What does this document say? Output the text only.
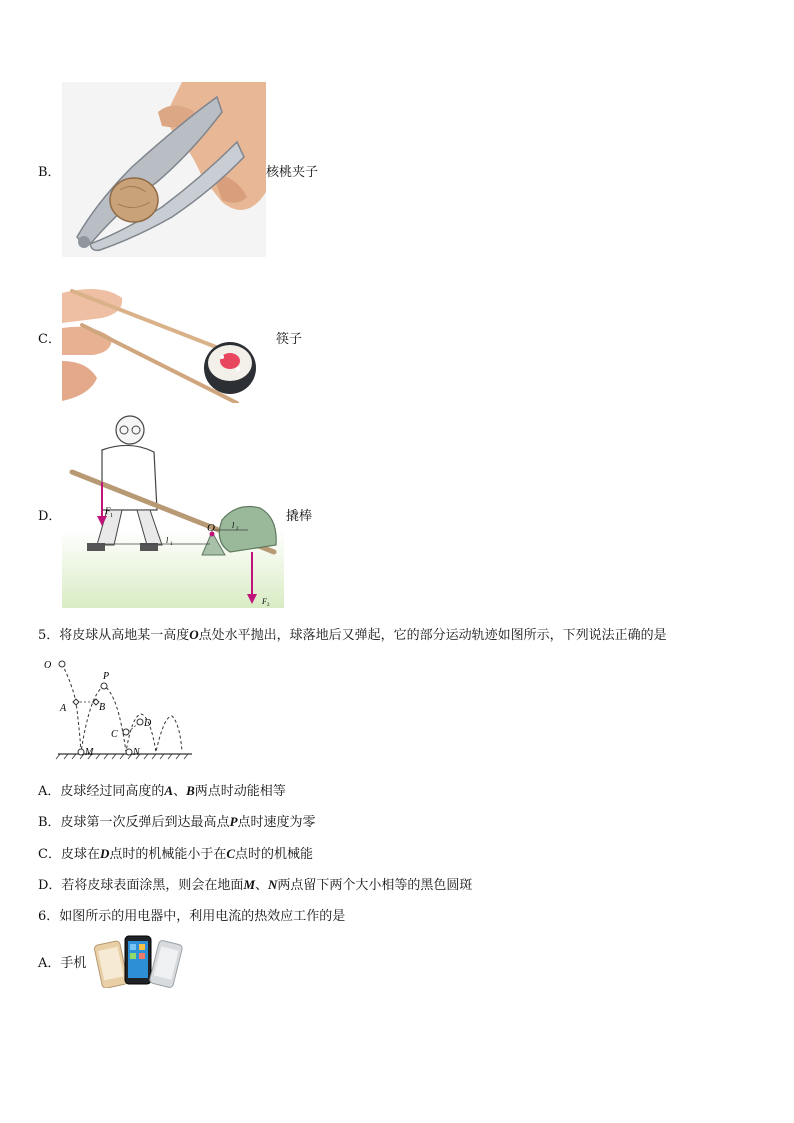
B．	核桃夹子
C．	筷子
D．	F 1
O
l 1
l 2
F 2
撬棒
5．将皮球从高地某一高度O点处水平抛出，球落地后又弹起，它的部分运动轨迹如图所示，下列说法正确的是
O
P
A	B
C
D
M	N
A．皮球经过同高度的A、B两点时动能相等
B．皮球第一次反弹后到达最高点P点时速度为零
C．皮球在D点时的机械能小于在C点时的机械能
D．若将皮球表面涂黑，则会在地面M、N两点留下两个大小相等的黑色圆斑
6．如图所示的用电器中，利用电流的热效应工作的是
A．手机
